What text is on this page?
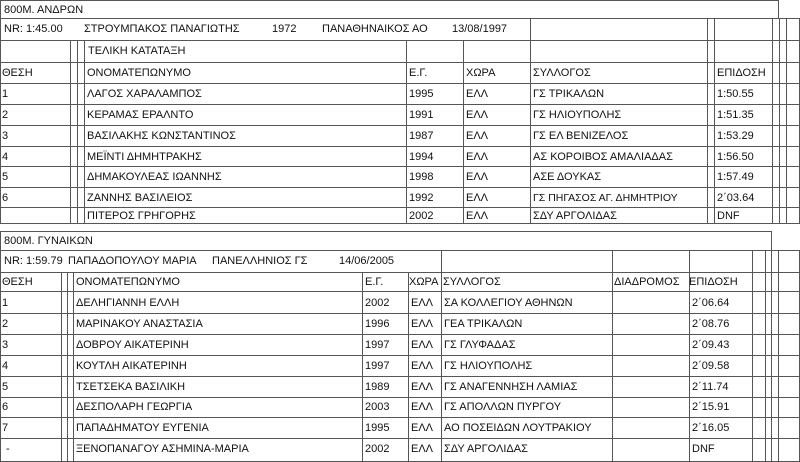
800Μ. ΑΝΔΡΩΝ
NR: 1:45.00 ΣΤΡΟΥΜΠΑΚΟΣ ΠΑΝΑΓΙΩΤΗΣ	1972 ΠΑΝΑΘΗΝΑΙΚΟΣ ΑΟ 13/08/1997
ΤΕΛΙΚΗ ΚΑΤΑΤΑΞΗ
ΘΕΣΗ	ΟΝΟΜΑΤΕΠΩΝΥΜΟ	Ε.Γ.	ΧΩΡΑ	ΣΥΛΛΟΓΟΣ	ΕΠΙΔΟΣΗ
1	ΛΑΓΟΣ ΧΑΡΑΛΑΜΠΟΣ	1995	ΕΛΛ	ΓΣ ΤΡΙΚΑΛΩΝ	1:50.55
2	ΚΕΡΑΜΑΣ ΕΡΑΛΝΤΟ	1991	ΕΛΛ	ΓΣ ΗΛΙΟΥΠΟΛΗΣ	1:51.35
3	ΒΑΣΙΛΑΚΗΣ ΚΩΝΣΤΑΝΤΙΝΟΣ	1987	ΕΛΛ	ΓΣ ΕΛ ΒΕΝΙΖΕΛΟΣ	1:53.29
4	ΜΕΪΝΤΙ ΔΗΜΗΤΡΑΚΗΣ	1994	ΕΛΛ	ΑΣ ΚΟΡΟΙΒΟΣ ΑΜΑΛΙΑΔΑΣ	1:56.50
5	ΔΗΜΑΚΟΥΛΕΑΣ ΙΩΑΝΝΗΣ	1998	ΕΛΛ	ΑΣΕ ΔΟΥΚΑΣ	1:57.49
6	ΖΑΝΝΗΣ ΒΑΣΙΛΕΙΟΣ	1992	ΕΛΛ	ΓΣ ΠΗΓΑΣΟΣ ΑΓ. ΔΗΜΗΤΡΙΟΥ	2΄03.64
ΠΙΤΕΡΟΣ ΓΡΗΓΟΡΗΣ	2002	ΕΛΛ	ΣΔΥ ΑΡΓΟΛΙΔΑΣ	DNF
800Μ. ΓΥΝΑΙΚΩΝ
NR: 1:59.79 ΠΑΠΑΔΟΠΟΥΛΟΥ ΜΑΡΙΑ ΠΑΝΕΛΛΗΝΙΟΣ ΓΣ	14/06/2005
ΘΕΣΗ	ΟΝΟΜΑΤΕΠΩΝΥΜΟ	Ε.Γ. ΧΩΡΑ ΣΥΛΛΟΓΟΣ	ΔΙΑΔΡΟΜΟΣ ΕΠΙΔΟΣΗ
1	ΔΕΛΗΓΙΑΝΝΗ ΕΛΛΗ	2002 ΕΛΛ ΣΑ ΚΟΛΛΕΓΙΟΥ ΑΘΗΝΩΝ	2΄06.64
2	ΜΑΡΙΝΑΚΟΥ ΑΝΑΣΤΑΣΙΑ	1996 ΕΛΛ ΓΕΑ ΤΡΙΚΑΛΩΝ	2΄08.76
3	ΔΟΒΡΟΥ ΑΙΚΑΤΕΡΙΝΗ	1997 ΕΛΛ ΓΣ ΓΛΥΦΑΔΑΣ	2΄09.43
4	ΚΟΥΤΛΗ ΑΙΚΑΤΕΡΙΝΗ	1997 ΕΛΛ ΓΣ ΗΛΙΟΥΠΟΛΗΣ	2΄09.58
5	ΤΣΕΤΣΕΚΑ ΒΑΣΙΛΙΚΗ	1989 ΕΛΛ ΓΣ ΑΝΑΓΕΝΝΗΣΗ ΛΑΜΙΑΣ	2΄11.74
6	ΔΕΣΠΟΛΑΡΗ ΓΕΩΡΓΙΑ	2003 ΕΛΛ ΓΣ ΑΠΟΛΛΩΝ ΠΥΡΓΟΥ	2΄15.91
7	ΠΑΠΑΔΗΜΑΤΟΥ ΕΥΓΕΝΙΑ	1995 ΕΛΛ ΑΟ ΠΟΣΕΙΔΩΝ ΛΟΥΤΡΑΚΙΟΥ	2΄16.05
-	ΞΕΝΟΠΑΝΑΓΟΥ ΑΣΗΜΙΝΑ-ΜΑΡΙΑ	2002 ΕΛΛ ΣΔΥ ΑΡΓΟΛΙΔΑΣ	DNF
